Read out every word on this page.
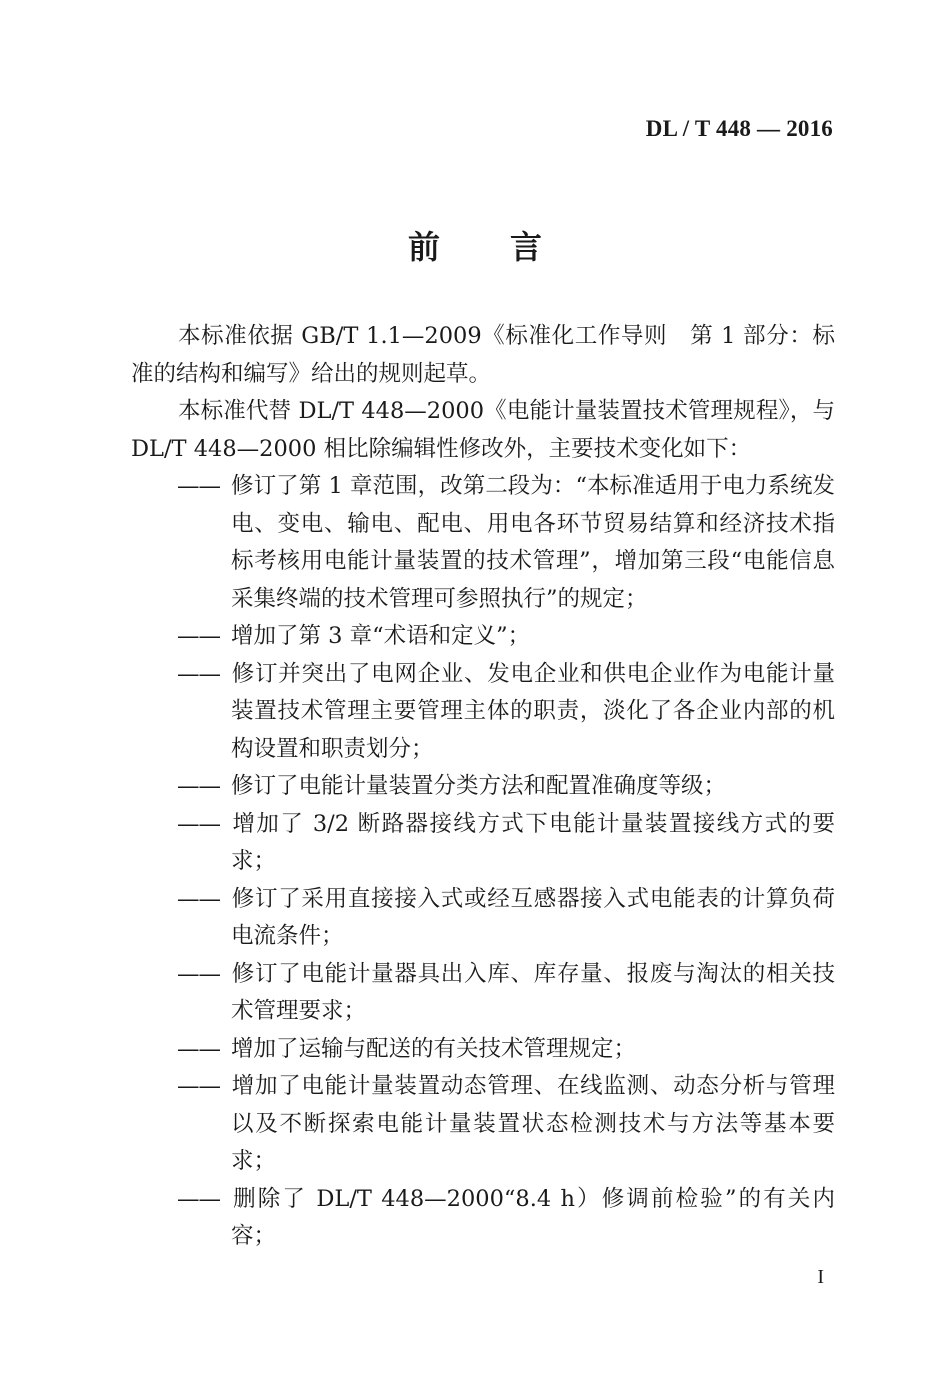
DL / T 448 — 2016
前言

本标准依据 GB/T 1.1—2009《标准化工作导则　第 1 部分：标准的结构和编写》给出的规则起草。

本标准代替 DL/T 448—2000《电能计量装置技术管理规程》，与 DL/T 448—2000 相比除编辑性修改外，主要技术变化如下：

—— 修订了第 1 章范围，改第二段为：“本标准适用于电力系统发电、变电、输电、配电、用电各环节贸易结算和经济技术指标考核用电能计量装置的技术管理”，增加第三段“电能信息采集终端的技术管理可参照执行”的规定；

—— 增加了第 3 章“术语和定义”；

—— 修订并突出了电网企业、发电企业和供电企业作为电能计量装置技术管理主要管理主体的职责，淡化了各企业内部的机构设置和职责划分；

—— 修订了电能计量装置分类方法和配置准确度等级；

—— 增加了 3/2 断路器接线方式下电能计量装置接线方式的要求；

—— 修订了采用直接接入式或经互感器接入式电能表的计算负荷电流条件；

—— 修订了电能计量器具出入库、库存量、报废与淘汰的相关技术管理要求；

—— 增加了运输与配送的有关技术管理规定；

—— 增加了电能计量装置动态管理、在线监测、动态分析与管理以及不断探索电能计量装置状态检测技术与方法等基本要求；

—— 删除了 DL/T 448—2000“8.4 h）修调前检验”的有关内容；

I
